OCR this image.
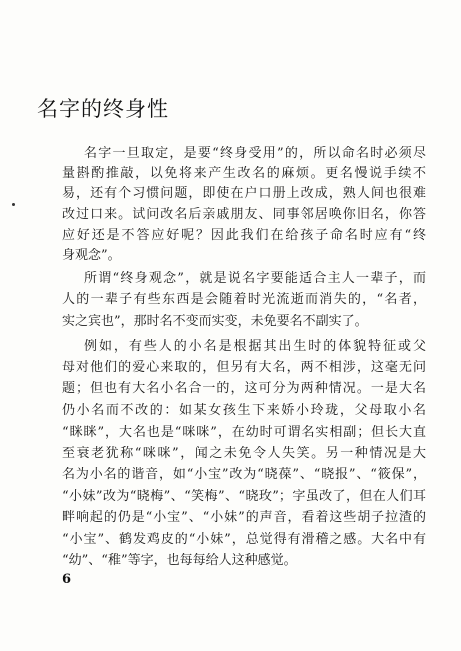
名字的终身性
名字一旦取定，是要“终身受用”的，所以命名时必须尽
量斟酌推敲，以免将来产生改名的麻烦。更名慢说手续不
易，还有个习惯问题，即使在户口册上改成，熟人间也很难
改过口来。试问改名后亲戚朋友、同事邻居唤你旧名，你答
应好还是不答应好呢？因此我们在给孩子命名时应有“终
身观念”。
所谓“终身观念”，就是说名字要能适合主人一辈子，而
人的一辈子有些东西是会随着时光流逝而消失的，“名者，
实之宾也”，那时名不变而实变，未免要名不副实了。
例如，有些人的小名是根据其出生时的体貌特征或父
母对他们的爱心来取的，但另有大名，两不相涉，这毫无问
题；但也有大名小名合一的，这可分为两种情况。一是大名
仍小名而不改的：如某女孩生下来娇小玲珑，父母取小名
“眯眯”，大名也是“咪咪”，在幼时可谓名实相副；但长大直
至衰老犹称“咪咪”，闻之未免令人失笑。另一种情况是大
名为小名的谐音，如“小宝”改为“晓葆”、“晓报”、“筱保”，
“小妹”改为“晓梅”、“笑梅”、“晓玫”；字虽改了，但在人们耳
畔响起的仍是“小宝”、“小妹”的声音，看着这些胡子拉渣的
“小宝”、鹤发鸡皮的“小妹”，总觉得有滑稽之感。大名中有
“幼”、“稚”等字，也每每给人这种感觉。
6
